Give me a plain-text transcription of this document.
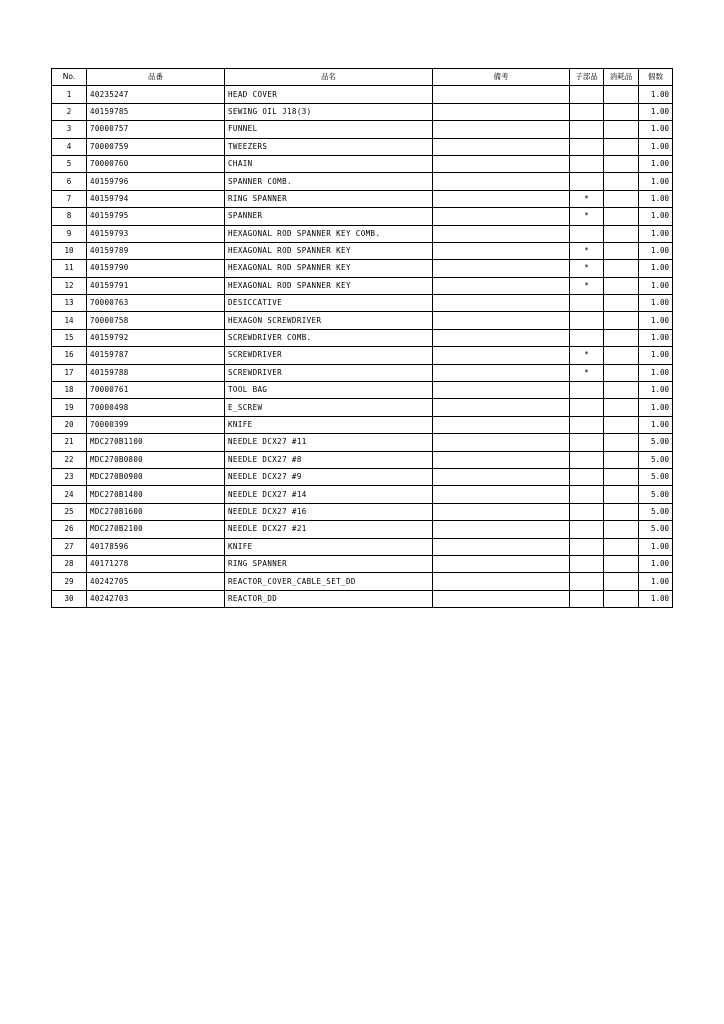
No.	品番	品名	備考	子部品	消耗品	個数
1	40235247	HEAD COVER				1.00
2	40159785	SEWING OIL J18(3)				1.00
3	70000757	FUNNEL				1.00
4	70000759	TWEEZERS				1.00
5	70000760	CHAIN				1.00
6	40159796	SPANNER COMB.				1.00
7	40159794	RING SPANNER		*		1.00
8	40159795	SPANNER		*		1.00
9	40159793	HEXAGONAL ROD SPANNER KEY COMB.				1.00
10	40159789	HEXAGONAL ROD SPANNER KEY		*		1.00
11	40159790	HEXAGONAL ROD SPANNER KEY		*		1.00
12	40159791	HEXAGONAL ROD SPANNER KEY		*		1.00
13	70000763	DESICCATIVE				1.00
14	70000758	HEXAGON SCREWDRIVER				1.00
15	40159792	SCREWDRIVER COMB.				1.00
16	40159787	SCREWDRIVER		*		1.00
17	40159788	SCREWDRIVER		*		1.00
18	70000761	TOOL BAG				1.00
19	70000498	E_SCREW				1.00
20	70000399	KNIFE				1.00
21	MDC270B1100	NEEDLE DCX27 #11				5.00
22	MDC270B0800	NEEDLE DCX27 #8				5.00
23	MDC270B0900	NEEDLE DCX27 #9				5.00
24	MDC270B1400	NEEDLE DCX27 #14				5.00
25	MDC270B1600	NEEDLE DCX27 #16				5.00
26	MDC270B2100	NEEDLE DCX27 #21				5.00
27	40178596	KNIFE				1.00
28	40171278	RING SPANNER				1.00
29	40242705	REACTOR_COVER_CABLE_SET_DD				1.00
30	40242703	REACTOR_DD				1.00
